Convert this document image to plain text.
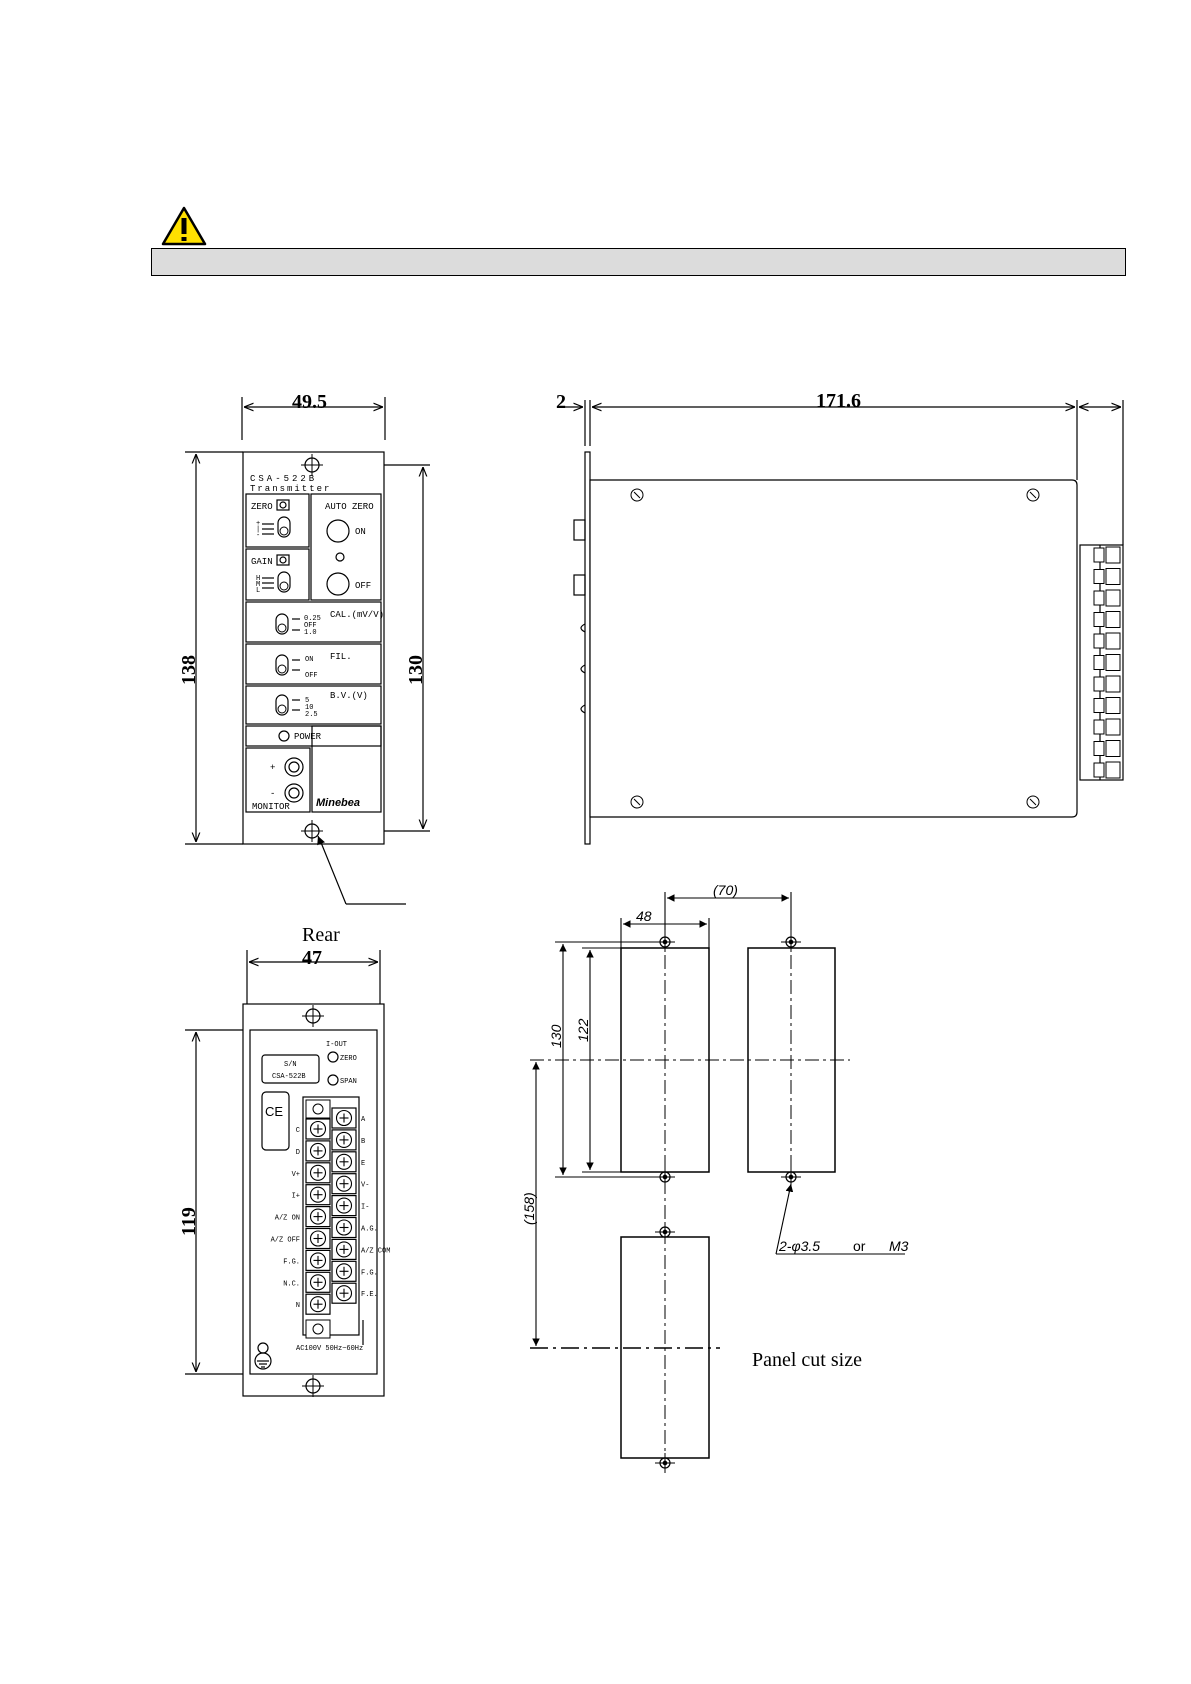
CSA-522B
Transmitter
ZERO
+
|
-
GAIN
H
M
L
AUTO ZERO
ON
OFF
0.25
OFF
1.0
CAL.(mV/V)
ON
OFF
FIL.
5
10
2.5
B.V.(V)
POWER
+
-
MONITOR Minebea
A
B
E
V-
I-
A.G.
A/Z COM
F.G.
F.E.
C
D
V+
I+
A/Z ON
A/Z OFF
F.G.
N.C.
N
S/N
CSA-522B
I-OUT
ZERO
SPAN
CE
AC100V 50Hz~60Hz
49.5
138	130
2	171.6
47
119
(70)
48
130 122
(158)
2-φ3.5 or M3
Rear
Panel cut size
